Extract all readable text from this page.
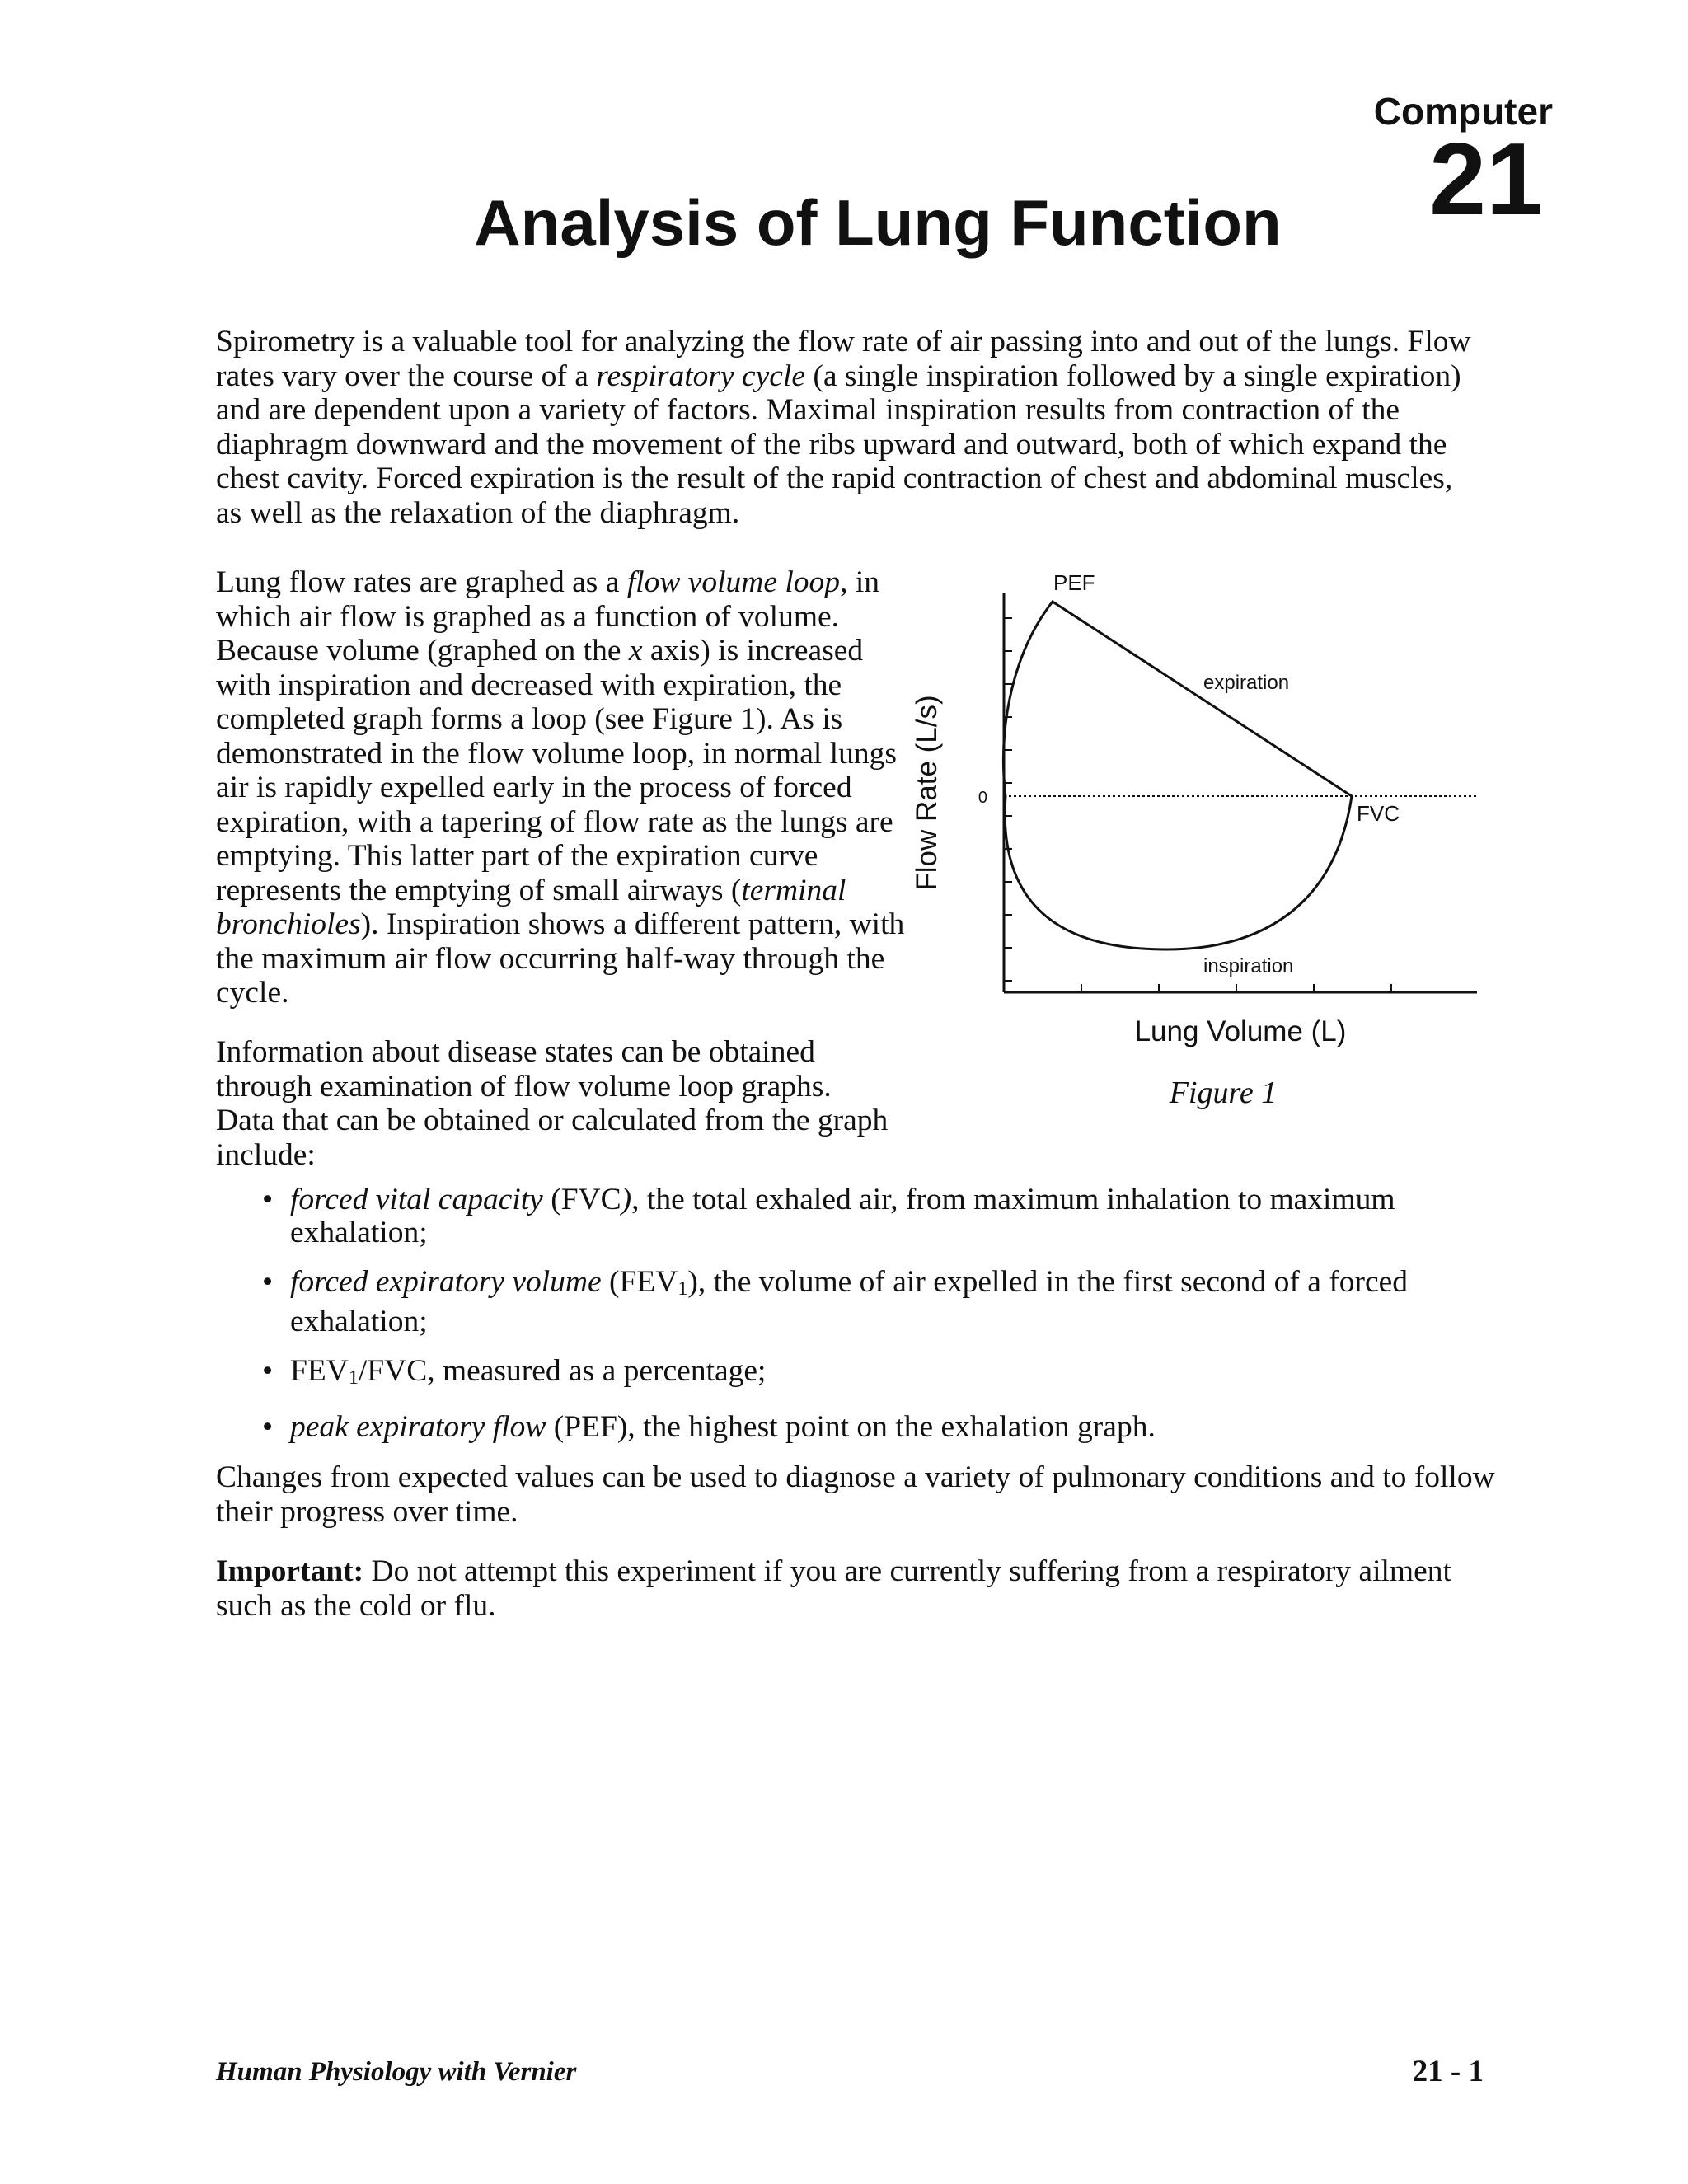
Computer
21
Analysis of Lung Function

Spirometry is a valuable tool for analyzing the flow rate of air passing into and out of the lungs. Flow rates vary over the course of a respiratory cycle (a single inspiration followed by a single expiration) and are dependent upon a variety of factors. Maximal inspiration results from contraction of the diaphragm downward and the movement of the ribs upward and outward, both of which expand the chest cavity. Forced expiration is the result of the rapid contraction of chest and abdominal muscles, as well as the relaxation of the diaphragm.

Lung flow rates are graphed as a flow volume loop, in which air flow is graphed as a function of volume. Because volume (graphed on the x axis) is increased with inspiration and decreased with expiration, the completed graph forms a loop (see Figure 1). As is demonstrated in the flow volume loop, in normal lungs air is rapidly expelled early in the process of forced expiration, with a tapering of flow rate as the lungs are emptying. This latter part of the expiration curve represents the emptying of small airways (terminal bronchioles). Inspiration shows a different pattern, with the maximum air flow occurring half-way through the cycle.

0
PEF
expiration
FVC
inspiration
Lung Volume (L)
Flow Rate (L/s)
Figure 1

Information about disease states can be obtained through examination of flow volume loop graphs. Data that can be obtained or calculated from the graph include:

• forced vital capacity (FVC), the total exhaled air, from maximum inhalation to maximum exhalation;
• forced expiratory volume (FEV1), the volume of air expelled in the first second of a forced exhalation;
• FEV1/FVC, measured as a percentage;
• peak expiratory flow (PEF), the highest point on the exhalation graph.

Changes from expected values can be used to diagnose a variety of pulmonary conditions and to follow their progress over time.

Important: Do not attempt this experiment if you are currently suffering from a respiratory ailment such as the cold or flu.

Human Physiology with Vernier	21 - 1
